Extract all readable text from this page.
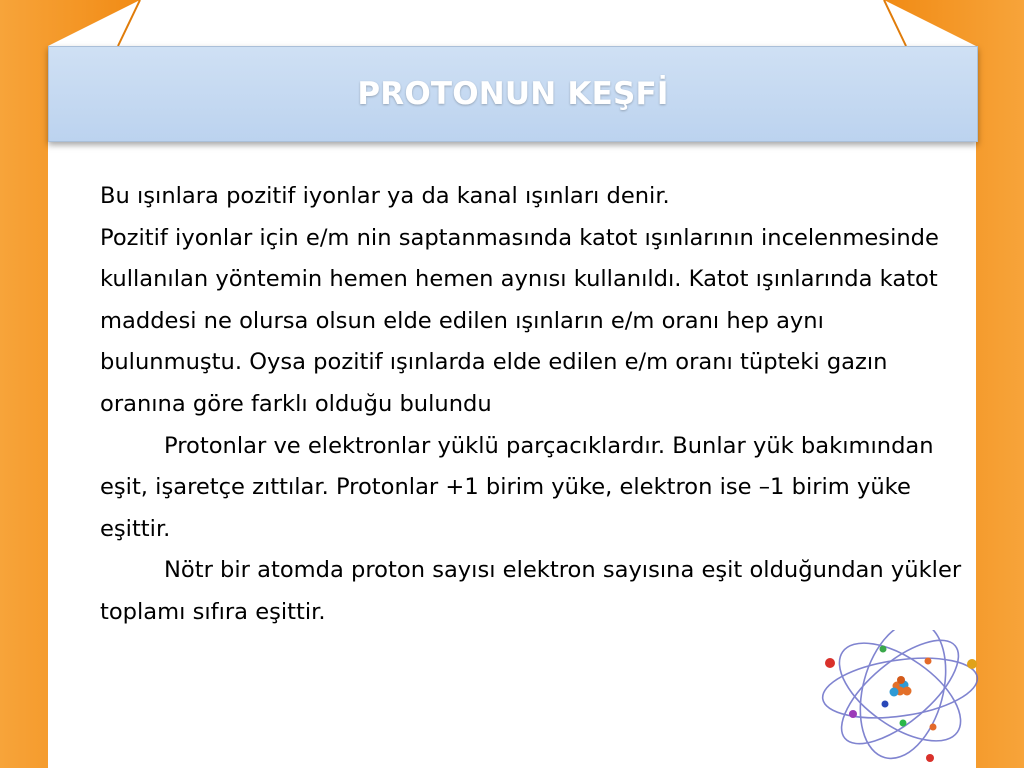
PROTONUN KEŞFİ

Bu ışınlara pozitif iyonlar ya da kanal ışınları denir.

Pozitif iyonlar için e/m nin saptanmasında katot ışınlarının incelenmesinde kullanılan yöntemin hemen hemen aynısı kullanıldı. Katot ışınlarında katot maddesi ne olursa olsun elde edilen ışınların e/m oranı hep aynı bulunmuştu. Oysa pozitif ışınlarda elde edilen e/m oranı tüpteki gazın oranına göre farklı olduğu bulundu

Protonlar ve elektronlar yüklü parçacıklardır. Bunlar yük bakımından eşit, işaretçe zıttılar. Protonlar +1 birim yüke, elektron ise –1 birim yüke eşittir.

Nötr bir atomda proton sayısı elektron sayısına eşit olduğundan yükler toplamı sıfıra eşittir.
